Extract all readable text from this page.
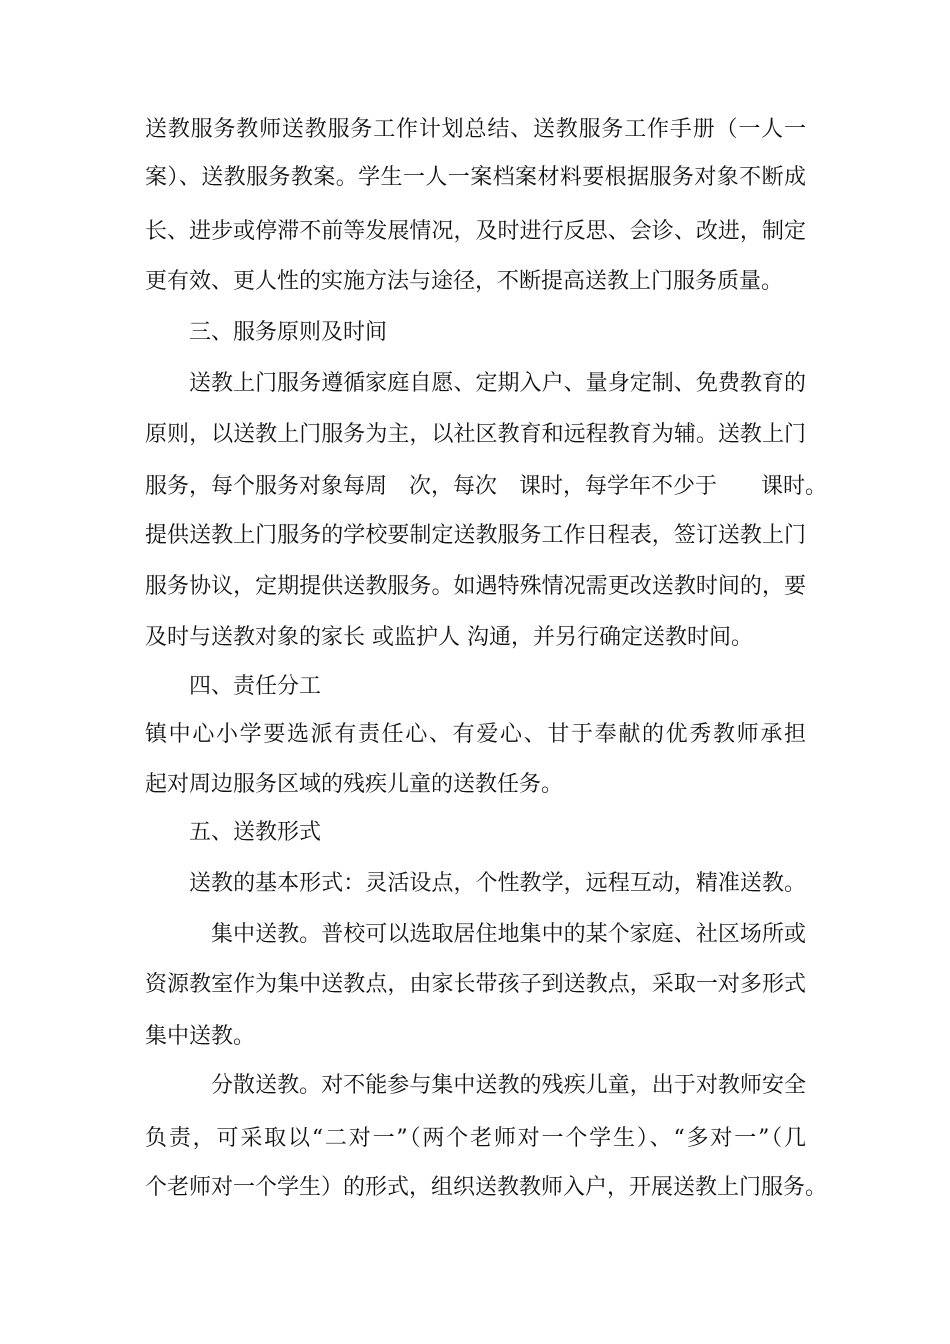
送教服务教师送教服务工作计划总结、送教服务工作手册（一人一
案）、送教服务教案。学生一人一案档案材料要根据服务对象不断成
长、进步或停滞不前等发展情况，及时进行反思、会诊、改进，制定
更有效、更人性的实施方法与途径，不断提高送教上门服务质量。
三、服务原则及时间
送教上门服务遵循家庭自愿、定期入户、量身定制、免费教育的
原则，以送教上门服务为主，以社区教育和远程教育为辅。送教上门
服务，每个服务对象每周　次，每次　课时，每学年不少于　　课时。
提供送教上门服务的学校要制定送教服务工作日程表，签订送教上门
服务协议，定期提供送教服务。如遇特殊情况需更改送教时间的，要
及时与送教对象的家长 或监护人 沟通，并另行确定送教时间。
四、责任分工
镇中心小学要选派有责任心、有爱心、甘于奉献的优秀教师承担
起对周边服务区域的残疾儿童的送教任务。
五、送教形式
送教的基本形式：灵活设点，个性教学，远程互动，精准送教。
集中送教。普校可以选取居住地集中的某个家庭、社区场所或
资源教室作为集中送教点，由家长带孩子到送教点，采取一对多形式
集中送教。
分散送教。对不能参与集中送教的残疾儿童，出于对教师安全
负责，可采取以“二对一”（两个老师对一个学生）、“多对一”（几
个老师对一个学生）的形式，组织送教教师入户，开展送教上门服务。
